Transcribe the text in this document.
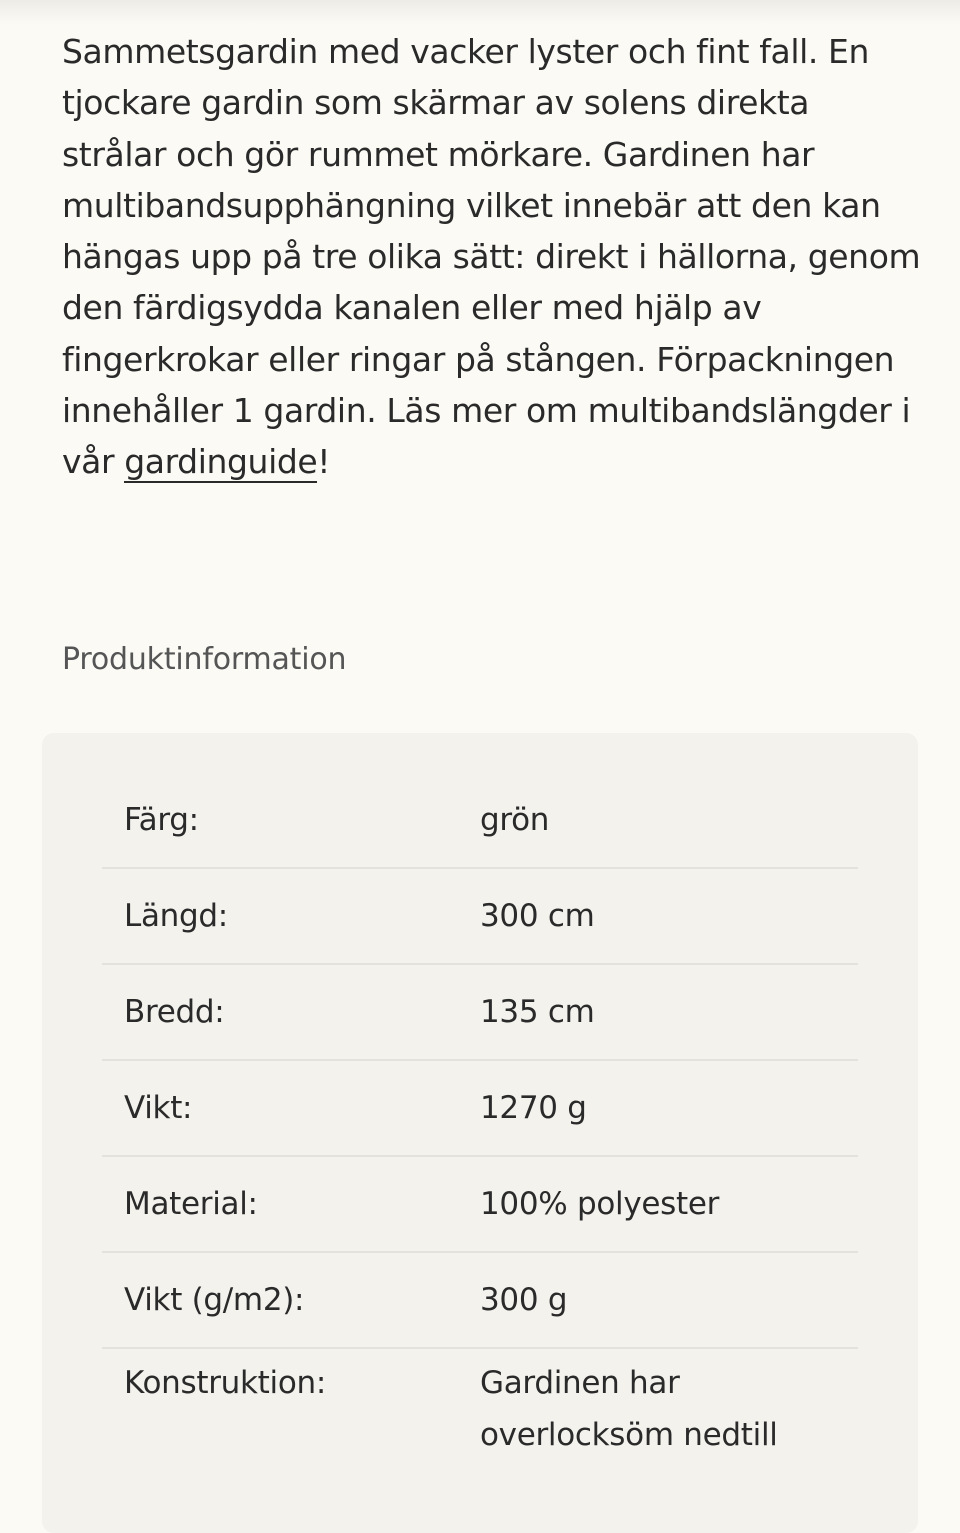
Sammetsgardin med vacker lyster och fint fall. En tjockare gardin som skärmar av solens direkta strålar och gör rummet mörkare. Gardinen har multibandsupphängning vilket innebär att den kan hängas upp på tre olika sätt: direkt i hällorna, genom den färdigsydda kanalen eller med hjälp av fingerkrokar eller ringar på stången. Förpackningen innehåller 1 gardin. Läs mer om multibandslängder i vår gardinguide!

Produktinformation
Färg:	grön
Längd:	300 cm
Bredd:	135 cm
Vikt:	1270 g
Material:	100% polyester
Vikt (g/m2):	300 g
Konstruktion:	Gardinen har overlocksöm nedtill
